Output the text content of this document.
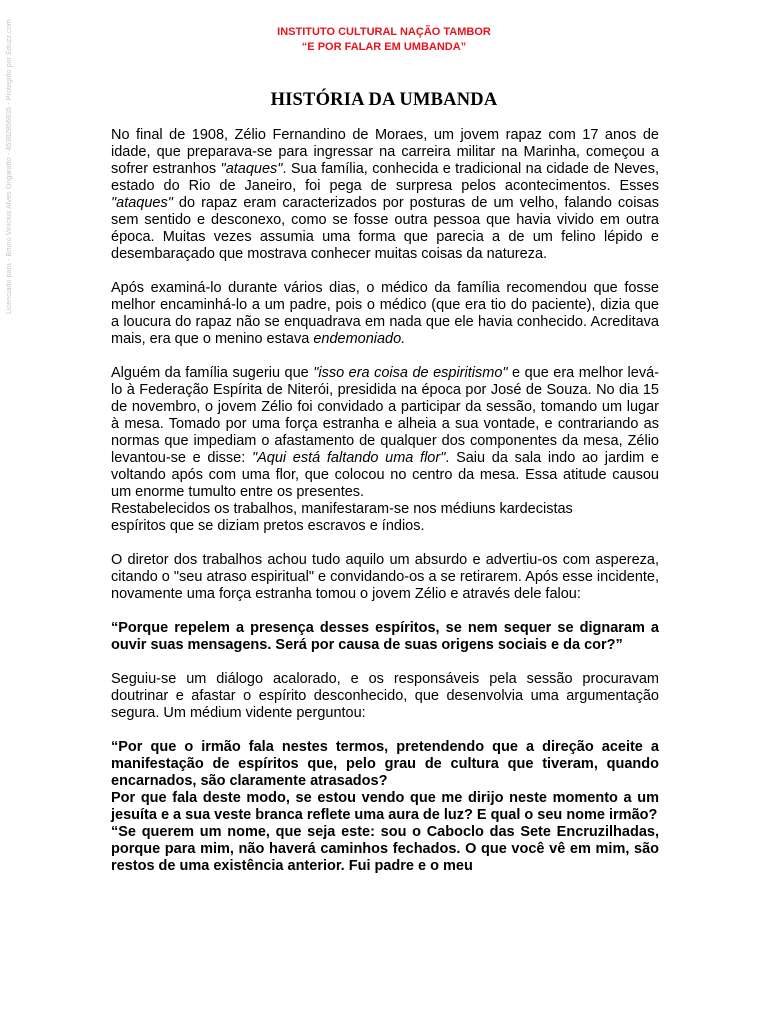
Licenciado para - Bruno Vinicius Alves Ongaratto - 45382856835 - Protegido por Eduzz.com	INSTITUTO CULTURAL NAÇÃO TAMBOR
“E POR FALAR EM UMBANDA”
HISTÓRIA DA UMBANDA

No final de 1908, Zélio Fernandino de Moraes, um jovem rapaz com 17 anos de idade, que preparava-se para ingressar na carreira militar na Marinha, começou a sofrer estranhos "ataques". Sua família, conhecida e tradicional na cidade de Neves, estado do Rio de Janeiro, foi pega de surpresa pelos acontecimentos. Esses "ataques" do rapaz eram caracterizados por posturas de um velho, falando coisas sem sentido e desconexo, como se fosse outra pessoa que havia vivido em outra época. Muitas vezes assumia uma forma que parecia a de um felino lépido e desembaraçado que mostrava conhecer muitas coisas da natureza.

Após examiná-lo durante vários dias, o médico da família recomendou que fosse melhor encaminhá-lo a um padre, pois o médico (que era tio do paciente), dizia que a loucura do rapaz não se enquadrava em nada que ele havia conhecido. Acreditava mais, era que o menino estava endemoniado.

Alguém da família sugeriu que "isso era coisa de espiritismo" e que era melhor levá-lo à Federação Espírita de Niterói, presidida na época por José de Souza. No dia 15 de novembro, o jovem Zélio foi convidado a participar da sessão, tomando um lugar à mesa. Tomado por uma força estranha e alheia a sua vontade, e contrariando as normas que impediam o afastamento de qualquer dos componentes da mesa, Zélio levantou-se e disse: "Aqui está faltando uma flor". Saiu da sala indo ao jardim e voltando após com uma flor, que colocou no centro da mesa. Essa atitude causou um enorme tumulto entre os presentes.
Restabelecidos os trabalhos, manifestaram-se nos médiuns kardecistas
espíritos que se diziam pretos escravos e índios.

O diretor dos trabalhos achou tudo aquilo um absurdo e advertiu-os com aspereza, citando o "seu atraso espiritual" e convidando-os a se retirarem. Após esse incidente, novamente uma força estranha tomou o jovem Zélio e através dele falou:

“Porque repelem a presença desses espíritos, se nem sequer se dignaram a ouvir suas mensagens. Será por causa de suas origens sociais e da cor?”

Seguiu-se um diálogo acalorado, e os responsáveis pela sessão procuravam doutrinar e afastar o espírito desconhecido, que desenvolvia uma argumentação segura. Um médium vidente perguntou:

“Por que o irmão fala nestes termos, pretendendo que a direção aceite a manifestação de espíritos que, pelo grau de cultura que tiveram, quando encarnados, são claramente atrasados?

Por que fala deste modo, se estou vendo que me dirijo neste momento a um jesuíta e a sua veste branca reflete uma aura de luz? E qual o seu nome irmão?

“Se querem um nome, que seja este: sou o Caboclo das Sete Encruzilhadas, porque para mim, não haverá caminhos fechados. O que você vê em mim, são restos de uma existência anterior. Fui padre e o meu
